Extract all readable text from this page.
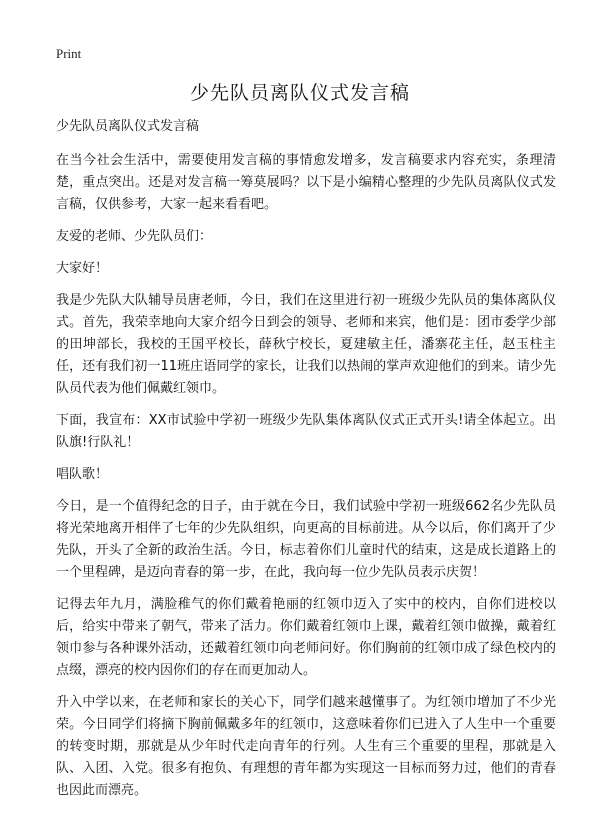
Print
少先队员离队仪式发言稿

少先队员离队仪式发言稿

在当今社会生活中，需要使用发言稿的事情愈发增多，发言稿要求内容充实，条理清楚，重点突出。还是对发言稿一筹莫展吗？以下是小编精心整理的少先队员离队仪式发言稿，仅供参考，大家一起来看看吧。

友爱的老师、少先队员们：

大家好！

我是少先队大队辅导员唐老师，今日，我们在这里进行初一班级少先队员的集体离队仪式。首先，我荣幸地向大家介绍今日到会的领导、老师和来宾，他们是：团市委学少部的田坤部长，我校的王国平校长，薛秋宁校长，夏建敏主任，潘寨花主任，赵玉柱主任，还有我们初一11班庄语同学的家长，让我们以热闹的掌声欢迎他们的到来。请少先队员代表为他们佩戴红领巾。

下面，我宣布：XX市试验中学初一班级少先队集体离队仪式正式开头!请全体起立。出队旗!行队礼！

唱队歌！

今日，是一个值得纪念的日子，由于就在今日，我们试验中学初一班级662名少先队员将光荣地离开相伴了七年的少先队组织，向更高的目标前进。从今以后，你们离开了少先队，开头了全新的政治生活。今日，标志着你们儿童时代的结束，这是成长道路上的一个里程碑，是迈向青春的第一步，在此，我向每一位少先队员表示庆贺！

记得去年九月，满脸稚气的你们戴着艳丽的红领巾迈入了实中的校内，自你们进校以后，给实中带来了朝气，带来了活力。你们戴着红领巾上课，戴着红领巾做操，戴着红领巾参与各种课外活动，还戴着红领巾向老师问好。你们胸前的红领巾成了绿色校内的点缀，漂亮的校内因你们的存在而更加动人。

升入中学以来，在老师和家长的关心下，同学们越来越懂事了。为红领巾增加了不少光荣。今日同学们将摘下胸前佩戴多年的红领巾，这意味着你们已进入了人生中一个重要的转变时期，那就是从少年时代走向青年的行列。人生有三个重要的里程，那就是入队、入团、入党。很多有抱负、有理想的青年都为实现这一目标而努力过，他们的青春也因此而漂亮。
